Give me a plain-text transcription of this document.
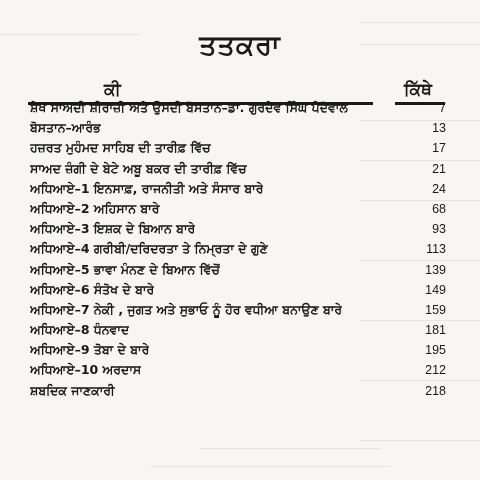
ਤਤਕਰਾ
ਕੀ	ਕਿੱਥੇ
ਸ਼ੇਖ ਸਾਅਦੀ ਸ਼ੀਰਾਜ਼ੀ ਅਤੇ ਉਸਦੀ ਬੋਸਤਾਨ–ਡਾ. ਗੁਰਦੇਵ ਸਿੰਘ ਪੰਦੋਵਾਲ	7
ਬੋਸਤਾਨ–ਆਰੰਭ	13
ਹਜ਼ਰਤ ਮੁਹੰਮਦ ਸਾਹਿਬ ਦੀ ਤਾਰੀਫ਼ ਵਿੱਚ	17
ਸਾਅਦ ਜ਼ੰਗੀ ਦੇ ਬੇਟੇ ਅਬੂ ਬਕਰ ਦੀ ਤਾਰੀਫ਼ ਵਿੱਚ	21
ਅਧਿਆਏ–1 ਇਨਸਾਫ਼, ਰਾਜਨੀਤੀ ਅਤੇ ਸੰਸਾਰ ਬਾਰੇ	24
ਅਧਿਆਏ–2 ਅਹਿਸਾਨ ਬਾਰੇ	68
ਅਧਿਆਏ–3 ਇਸ਼ਕ ਦੇ ਬਿਆਨ ਬਾਰੇ	93
ਅਧਿਆਏ–4 ਗਰੀਬੀ/ਦਰਿਦਰਤਾ ਤੇ ਨਿਮ੍ਰਤਾ ਦੇ ਗੁਣੇ	113
ਅਧਿਆਏ–5 ਭਾਵਾ ਮੰਨਣ ਦੇ ਬਿਆਨ ਵਿੱਚੋਂ	139
ਅਧਿਆਏ–6 ਸੰਤੋਖ ਦੇ ਬਾਰੇ	149
ਅਧਿਆਏ–7 ਨੇਕੀ , ਜੁਗਤ ਅਤੇ ਸੁਭਾਓ ਨੂੰ ਹੋਰ ਵਧੀਆ ਬਨਾਉਣ ਬਾਰੇ	159
ਅਧਿਆਏ–8 ਧੰਨਵਾਦ	181
ਅਧਿਆਏ–9 ਤੋਬਾ ਦੇ ਬਾਰੇ	195
ਅਧਿਆਏ–10 ਅਰਦਾਸ	212
ਸ਼ਬਦਿਕ ਜਾਣਕਾਰੀ	218
